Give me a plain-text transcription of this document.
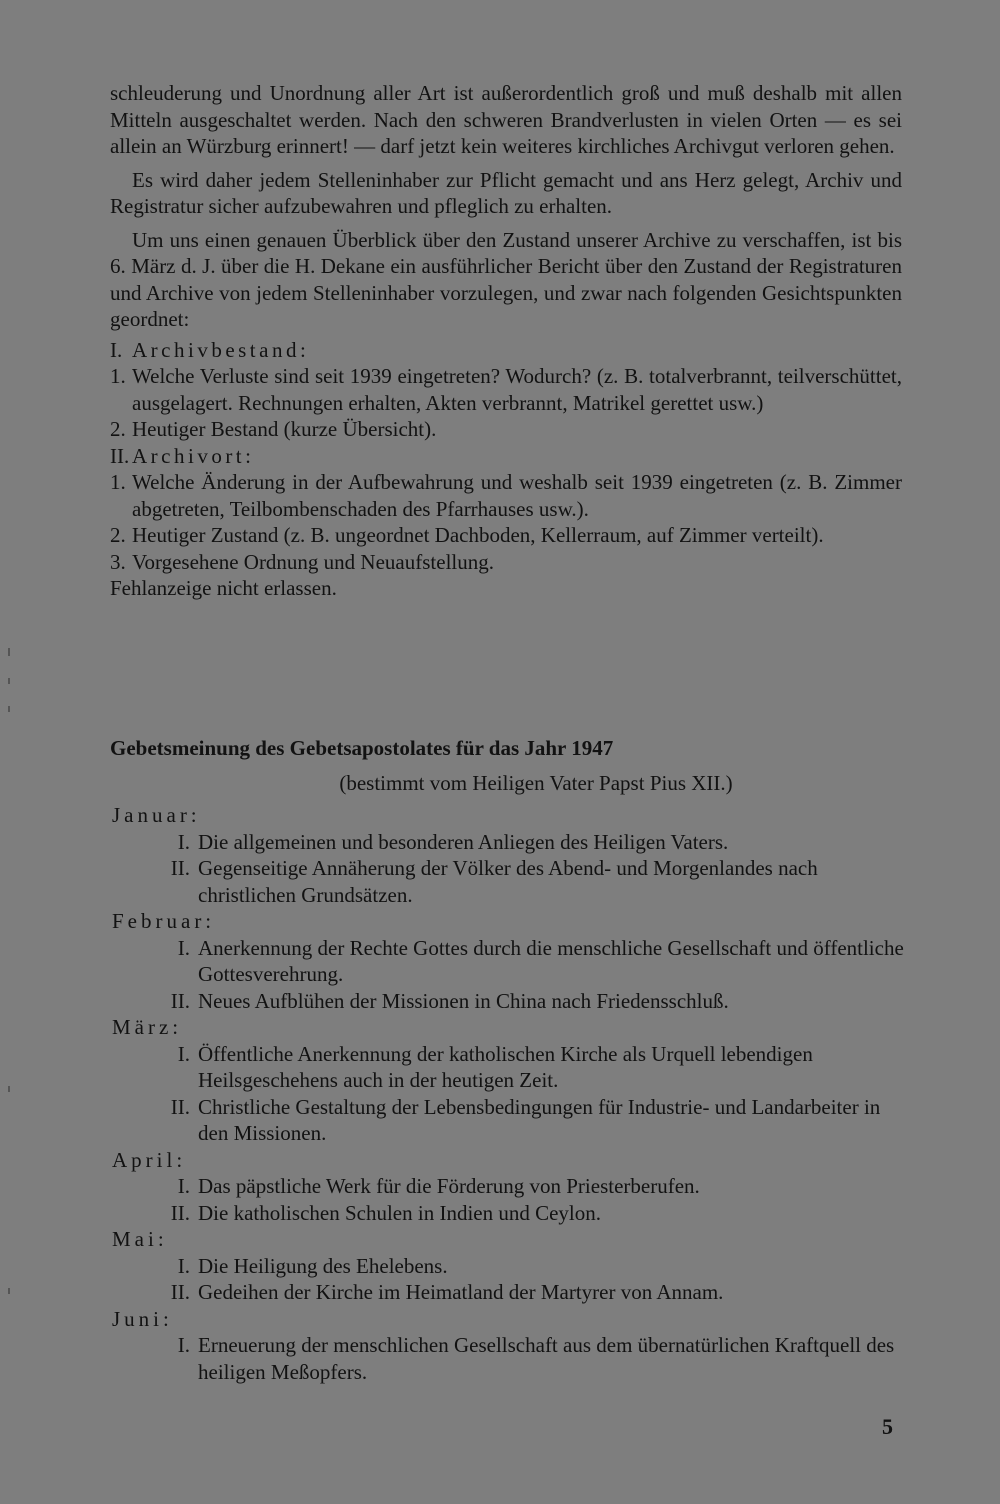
schleuderung und Unordnung aller Art ist außerordentlich groß und muß deshalb mit allen Mitteln ausgeschaltet werden. Nach den schweren Brandverlusten in vielen Orten — es sei allein an Würzburg erinnert! — darf jetzt kein weiteres kirchliches Archivgut verloren gehen.

Es wird daher jedem Stelleninhaber zur Pflicht gemacht und ans Herz gelegt, Archiv und Registratur sicher aufzubewahren und pfleglich zu erhalten.

Um uns einen genauen Überblick über den Zustand unserer Archive zu verschaffen, ist bis 6. März d. J. über die H. Dekane ein ausführlicher Bericht über den Zustand der Registraturen und Archive von jedem Stelleninhaber vorzulegen, und zwar nach folgenden Gesichtspunkten geordnet:

I. Archivbestand:
1. Welche Verluste sind seit 1939 eingetreten? Wodurch? (z. B. totalverbrannt, teilverschüttet, ausgelagert. Rechnungen erhalten, Akten verbrannt, Matrikel gerettet usw.)
2. Heutiger Bestand (kurze Übersicht).
II. Archivort:
1. Welche Änderung in der Aufbewahrung und weshalb seit 1939 eingetreten (z. B. Zimmer abgetreten, Teilbombenschaden des Pfarrhauses usw.).
2. Heutiger Zustand (z. B. ungeordnet Dachboden, Kellerraum, auf Zimmer verteilt).
3. Vorgesehene Ordnung und Neuaufstellung.

Fehlanzeige nicht erlassen.

Gebetsmeinung des Gebetsapostolates für das Jahr 1947
(bestimmt vom Heiligen Vater Papst Pius XII.)

Januar:

I. Die allgemeinen und besonderen Anliegen des Heiligen Vaters.
II. Gegenseitige Annäherung der Völker des Abend- und Morgenlandes nach christlichen Grundsätzen.

Februar:

I. Anerkennung der Rechte Gottes durch die menschliche Gesellschaft und öffentliche Gottesverehrung.
II. Neues Aufblühen der Missionen in China nach Friedensschluß.

März:

I. Öffentliche Anerkennung der katholischen Kirche als Urquell lebendigen Heilsgeschehens auch in der heutigen Zeit.
II. Christliche Gestaltung der Lebensbedingungen für Industrie- und Landarbeiter in den Missionen.

April:

I. Das päpstliche Werk für die Förderung von Priesterberufen.
II. Die katholischen Schulen in Indien und Ceylon.

Mai:

I. Die Heiligung des Ehelebens.
II. Gedeihen der Kirche im Heimatland der Martyrer von Annam.

Juni:

I. Erneuerung der menschlichen Gesellschaft aus dem übernatürlichen Kraftquell des heiligen Meßopfers.
5
